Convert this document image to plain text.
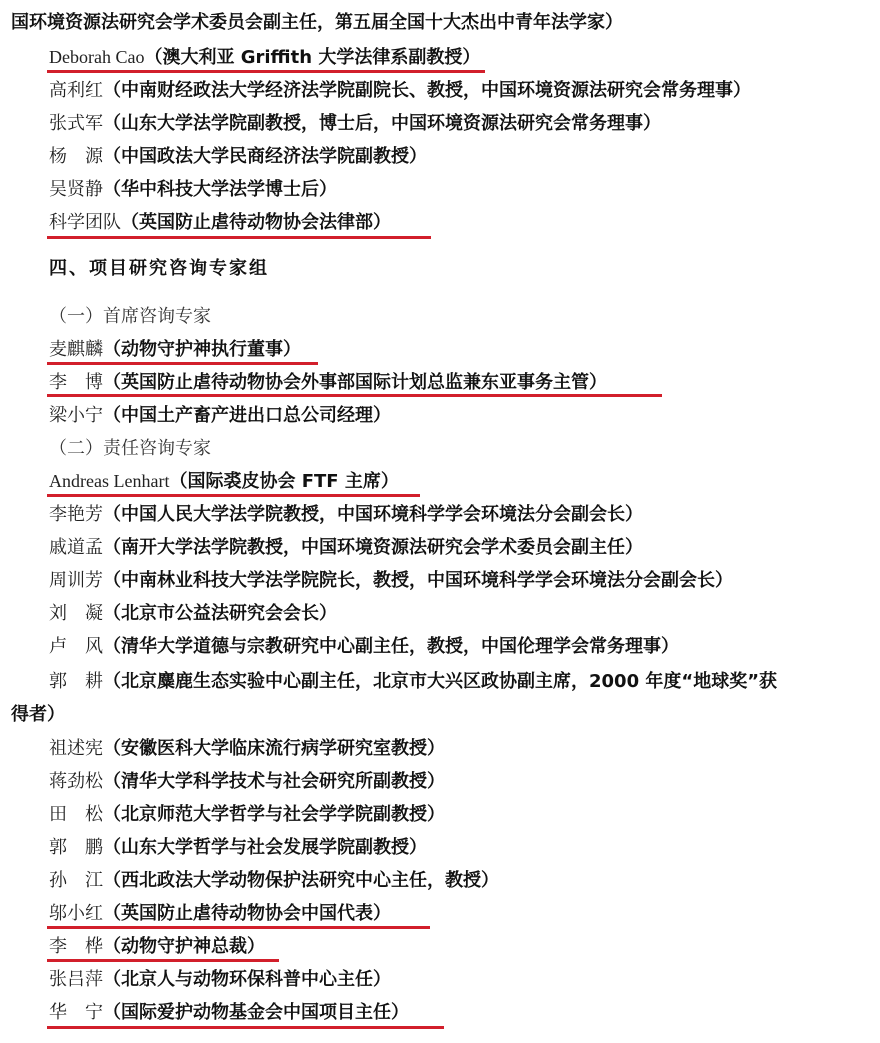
国环境资源法研究会学术委员会副主任，第五届全国十大杰出中青年法学家）
Deborah Cao（澳大利亚 Griffith 大学法律系副教授）
高利红（中南财经政法大学经济法学院副院长、教授，中国环境资源法研究会常务理事）
张式军（山东大学法学院副教授，博士后，中国环境资源法研究会常务理事）
杨　源（中国政法大学民商经济法学院副教授）
吴贤静（华中科技大学法学博士后）
科学团队（英国防止虐待动物协会法律部）
四、项目研究咨询专家组
（一）首席咨询专家
麦麒麟（动物守护神执行董事）
李　博（英国防止虐待动物协会外事部国际计划总监兼东亚事务主管）
梁小宁（中国土产畜产进出口总公司经理）
（二）责任咨询专家
Andreas Lenhart（国际裘皮协会 FTF 主席）
李艳芳（中国人民大学法学院教授，中国环境科学学会环境法分会副会长）
戚道孟（南开大学法学院教授，中国环境资源法研究会学术委员会副主任）
周训芳（中南林业科技大学法学院院长，教授，中国环境科学学会环境法分会副会长）
刘　凝（北京市公益法研究会会长）
卢　风（清华大学道德与宗教研究中心副主任，教授，中国伦理学会常务理事）
郭　耕（北京麋鹿生态实验中心副主任，北京市大兴区政协副主席，2000 年度“地球奖”获
得者）
祖述宪（安徽医科大学临床流行病学研究室教授）
蒋劲松（清华大学科学技术与社会研究所副教授）
田　松（北京师范大学哲学与社会学学院副教授）
郭　鹏（山东大学哲学与社会发展学院副教授）
孙　江（西北政法大学动物保护法研究中心主任，教授）
邬小红（英国防止虐待动物协会中国代表）
李　桦（动物守护神总裁）
张吕萍（北京人与动物环保科普中心主任）
华　宁（国际爱护动物基金会中国项目主任）
